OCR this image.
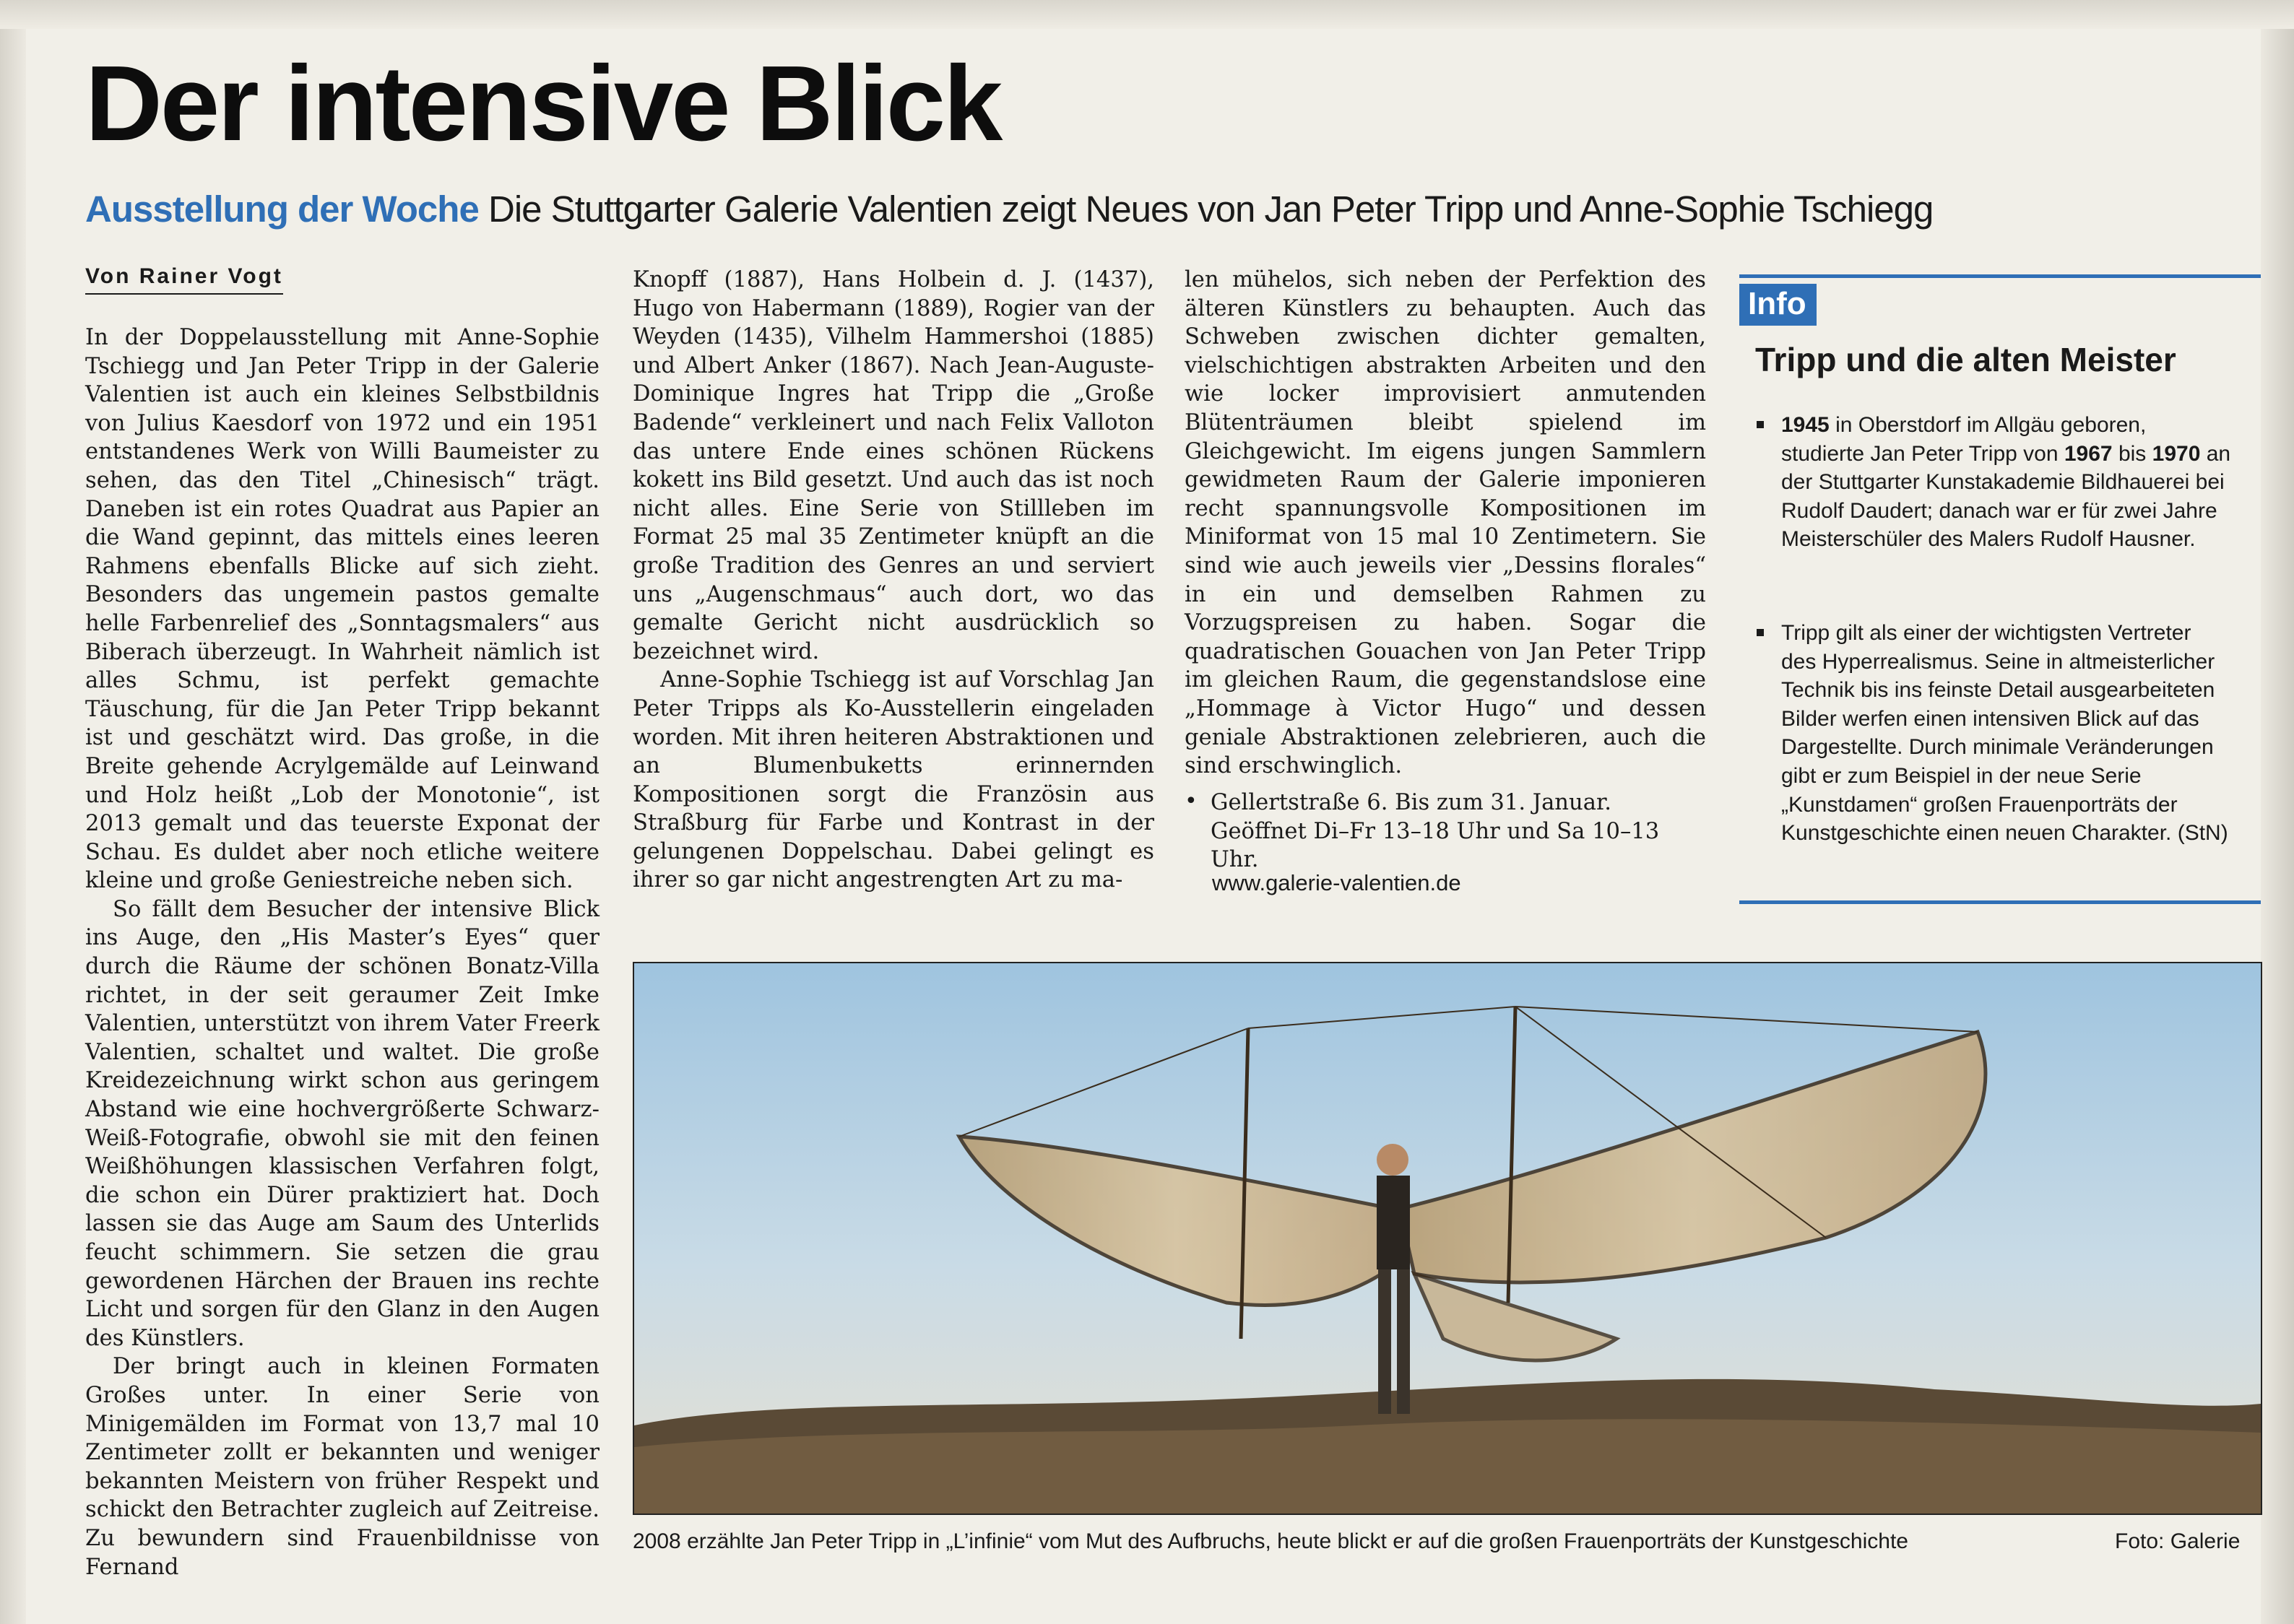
Der intensive Blick

Ausstellung der Woche Die Stuttgarter Galerie Valentien zeigt Neues von Jan Peter Tripp und Anne-Sophie Tschiegg

Von Rainer Vogt

In der Doppelausstellung mit Anne-Sophie Tschiegg und Jan Peter Tripp in der Galerie Valentien ist auch ein kleines Selbstbildnis von Julius Kaesdorf von 1972 und ein 1951 entstandenes Werk von Willi Baumeister zu sehen, das den Titel „Chinesisch“ trägt. Daneben ist ein rotes Quadrat aus Papier an die Wand gepinnt, das mittels eines leeren Rahmens ebenfalls Blicke auf sich zieht. Besonders das ungemein pastos gemalte helle Farbenrelief des „Sonntagsmalers“ aus Biberach überzeugt. In Wahrheit nämlich ist alles Schmu, ist perfekt gemachte Täuschung, für die Jan Peter Tripp bekannt ist und geschätzt wird. Das große, in die Breite gehende Acrylgemälde auf Leinwand und Holz heißt „Lob der Monotonie“, ist 2013 gemalt und das teuerste Exponat der Schau. Es duldet aber noch etliche weitere kleine und große Geniestreiche neben sich.

So fällt dem Besucher der intensive Blick ins Auge, den „His Master’s Eyes“ quer durch die Räume der schönen Bonatz-Villa richtet, in der seit geraumer Zeit Imke Valentien, unterstützt von ihrem Vater Freerk Valentien, schaltet und waltet. Die große Kreidezeichnung wirkt schon aus geringem Abstand wie eine hochvergrößerte Schwarz-Weiß-Fotografie, obwohl sie mit den feinen Weißhöhungen klassischen Verfahren folgt, die schon ein Dürer praktiziert hat. Doch lassen sie das Auge am Saum des Unterlids feucht schimmern. Sie setzen die grau gewordenen Härchen der Brauen ins rechte Licht und sorgen für den Glanz in den Augen des Künstlers.

Der bringt auch in kleinen Formaten Großes unter. In einer Serie von Minigemälden im Format von 13,7 mal 10 Zentimeter zollt er bekannten und weniger bekannten Meistern von früher Respekt und schickt den Betrachter zugleich auf Zeitreise. Zu bewundern sind Frauenbildnisse von Fernand

Knopff (1887), Hans Holbein d. J. (1437), Hugo von Habermann (1889), Rogier van der Weyden (1435), Vilhelm Hammershoi (1885) und Albert Anker (1867). Nach Jean-Auguste-Dominique Ingres hat Tripp die „Große Badende“ verkleinert und nach Felix Valloton das untere Ende eines schönen Rückens kokett ins Bild gesetzt. Und auch das ist noch nicht alles. Eine Serie von Stillleben im Format 25 mal 35 Zentimeter knüpft an die große Tradition des Genres an und serviert uns „Augenschmaus“ auch dort, wo das gemalte Gericht nicht ausdrücklich so bezeichnet wird.

Anne-Sophie Tschiegg ist auf Vorschlag Jan Peter Tripps als Ko-Ausstellerin eingeladen worden. Mit ihren heiteren Abstraktionen und an Blumenbuketts erinnernden Kompositionen sorgt die Französin aus Straßburg für Farbe und Kontrast in der gelungenen Doppelschau. Dabei gelingt es ihrer so gar nicht angestrengten Art zu ma-

len mühelos, sich neben der Perfektion des älteren Künstlers zu behaupten. Auch das Schweben zwischen dichter gemalten, vielschichtigen abstrakten Arbeiten und den wie locker improvisiert anmutenden Blütenträumen bleibt spielend im Gleichgewicht. Im eigens jungen Sammlern gewidmeten Raum der Galerie imponieren recht spannungsvolle Kompositionen im Miniformat von 15 mal 10 Zentimetern. Sie sind wie auch jeweils vier „Dessins florales“ in ein und demselben Rahmen zu Vorzugspreisen zu haben. Sogar die quadratischen Gouachen von Jan Peter Tripp im gleichen Raum, die gegenstandslose eine „Hommage à Victor Hugo“ und dessen geniale Abstraktionen zelebrieren, auch die sind erschwinglich.

• Gellertstraße 6. Bis zum 31. Januar. Geöffnet Di–Fr 13–18 Uhr und Sa 10–13 Uhr.
www.galerie-valentien.de
Info
Tripp und die alten Meister
1945 in Oberstdorf im Allgäu geboren, studierte Jan Peter Tripp von 1967 bis 1970 an der Stuttgarter Kunstakademie Bildhauerei bei Rudolf Daudert; danach war er für zwei Jahre Meisterschüler des Malers Rudolf Hausner.
Tripp gilt als einer der wichtigsten Vertreter des Hyperrealismus. Seine in altmeisterlicher Technik bis ins feinste Detail ausgearbeiteten Bilder werfen einen intensiven Blick auf das Dargestellte. Durch minimale Veränderungen gibt er zum Beispiel in der neue Serie „Kunstdamen“ großen Frauenporträts der Kunstgeschichte einen neuen Charakter. (StN)
2008 erzählte Jan Peter Tripp in „L’infinie“ vom Mut des Aufbruchs, heute blickt er auf die großen Frauenporträts der Kunstgeschichte	Foto: Galerie
